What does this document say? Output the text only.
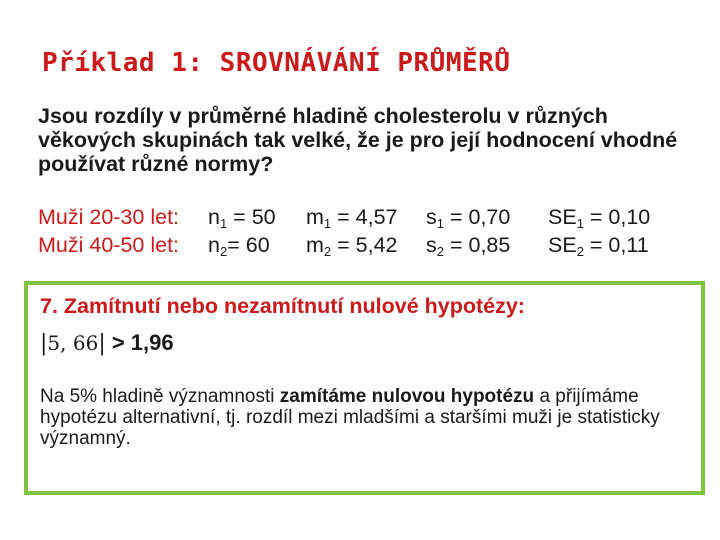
Příklad 1: SROVNÁVÁNÍ PRŮMĚRŮ
Jsou rozdíly v průměrné hladině cholesterolu v různých věkových skupinách tak velké, že je pro její hodnocení vhodné používat různé normy?
Muži 20-30 let: $n_1 = 50$ $m_1 = 4,57$ $s_1 = 0,70$ $SE_1 = 0,10$
Muži 40-50 let: $n_2= 60$ $m_2 = 5,42$ $s_2 = 0,85$ $SE_2 = 0,11$
7. Zamítnutí nebo nezamítnutí nulové hypotézy:
|5, 66| > 1,96
Na 5% hladině významnosti zamítáme nulovou hypotézu a přijímáme hypotézu alternativní, tj. rozdíl mezi mladšími a staršími muži je statisticky významný.
